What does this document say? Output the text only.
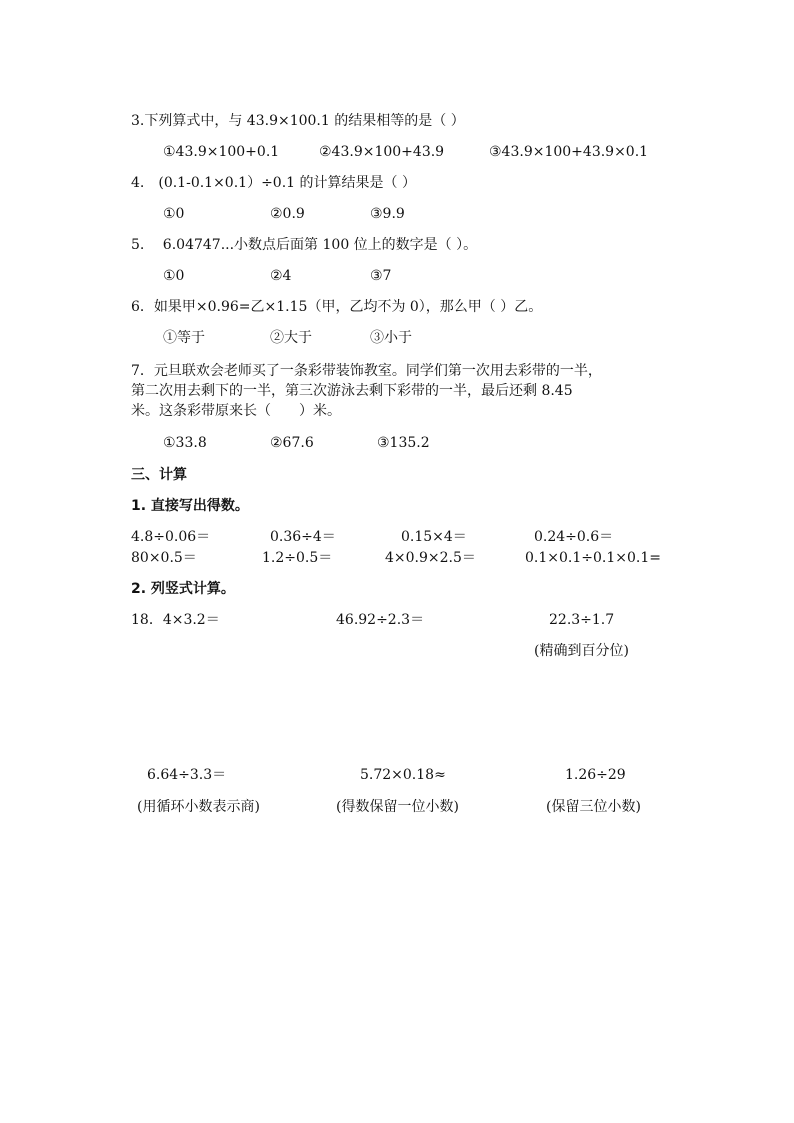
3.下列算式中，与 43.9×100.1 的结果相等的是（ ）
①43.9×100+0.1	②43.9×100+43.9	③43.9×100+43.9×0.1
4.　(0.1-0.1×0.1）÷0.1 的计算结果是（ ）
①0	②0.9	③9.9
5.　 6.04747...小数点后面第 100 位上的数字是（ ）。
①0	②4	③7
6．如果甲×0.96=乙×1.15（甲，乙均不为 0），那么甲（ ）乙。
①等于	②大于	③小于
7．元旦联欢会老师买了一条彩带装饰教室。同学们第一次用去彩带的一半，
第二次用去剩下的一半，第三次游泳去剩下彩带的一半，最后还剩 8.45
米。这条彩带原来长（　　）米。
①33.8	②67.6	③135.2
三、计算
1. 直接写出得数。
4.8÷0.06＝	0.36÷4＝	0.15×4＝	0.24÷0.6＝
80×0.5＝	1.2÷0.5＝	4×0.9×2.5＝	0.1×0.1÷0.1×0.1=
2. 列竖式计算。
18．4×3.2＝	46.92÷2.3＝	22.3÷1.7
(精确到百分位)
6.64÷3.3＝	5.72×0.18≈	1.26÷29
(用循环小数表示商)	(得数保留一位小数)	(保留三位小数)
